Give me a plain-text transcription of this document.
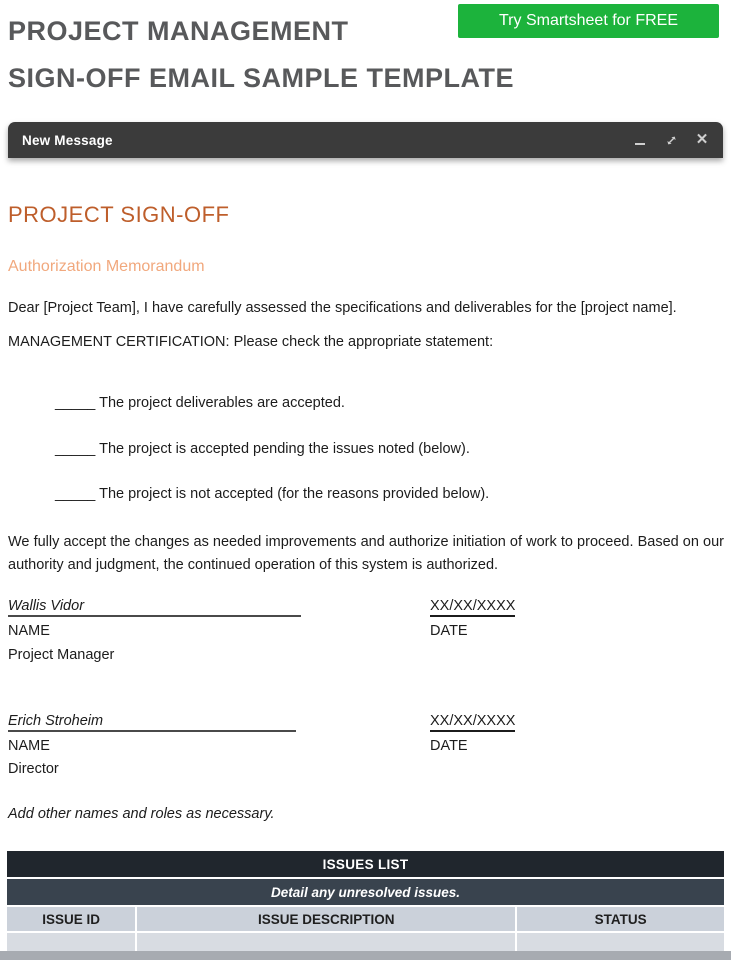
PROJECT MANAGEMENT
SIGN-OFF EMAIL SAMPLE TEMPLATE
Try Smartsheet for FREE
New Message	✕
PROJECT SIGN-OFF
Authorization Memorandum
Dear [Project Team], I have carefully assessed the specifications and deliverables for the [project name].
MANAGEMENT CERTIFICATION: Please check the appropriate statement:
_____ The project deliverables are accepted.
_____ The project is accepted pending the issues noted (below).
_____ The project is not accepted (for the reasons provided below).
We fully accept the changes as needed improvements and authorize initiation of work to proceed. Based on our authority and judgment, the continued operation of this system is authorized.
Wallis Vidor	XX/XX/XXXX
NAME	DATE
Project Manager
Erich Stroheim	XX/XX/XXXX
NAME	DATE
Director
Add other names and roles as necessary.
ISSUES LIST
Detail any unresolved issues.
ISSUE ID	ISSUE DESCRIPTION	STATUS
